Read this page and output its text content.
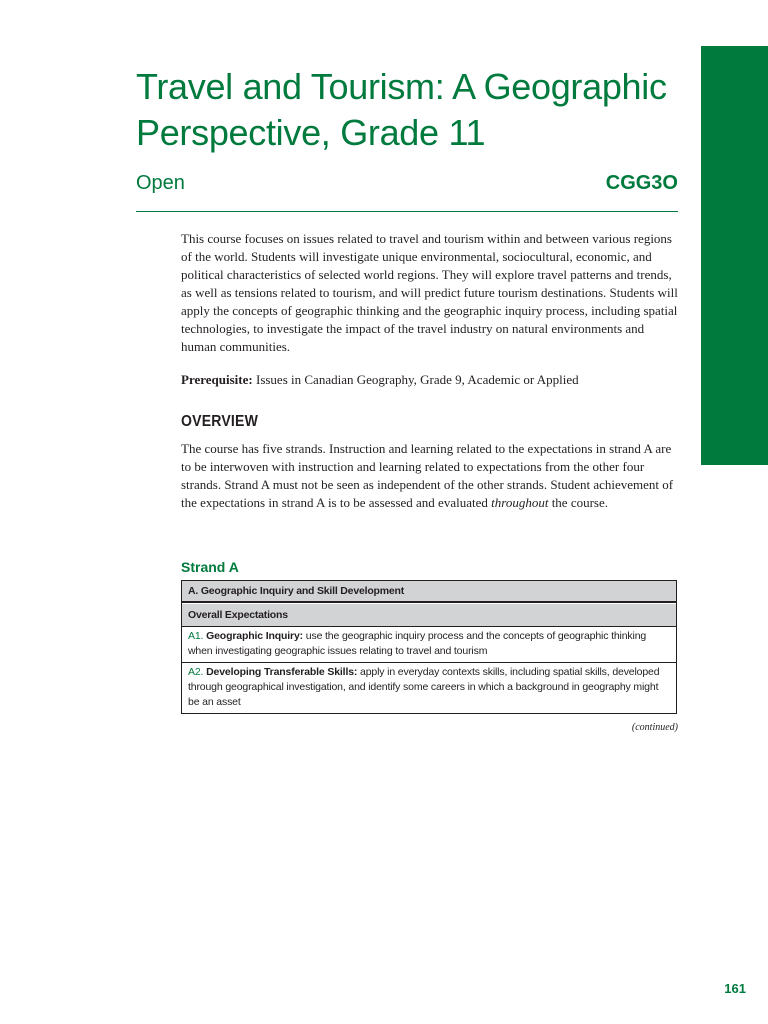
Travel and Tourism: A Geographic
Perspective, Grade 11
Open	CGG3O

This course focuses on issues related to travel and tourism within and between various regions of the world. Students will investigate unique environmental, sociocultural, economic, and political characteristics of selected world regions. They will explore travel patterns and trends, as well as tensions related to tourism, and will predict future tourism destinations. Students will apply the concepts of geographic thinking and the geographic inquiry process, including spatial technologies, to investigate the impact of the travel industry on natural environments and human communities.

Prerequisite: Issues in Canadian Geography, Grade 9, Academic or Applied

OVERVIEW

The course has five strands. Instruction and learning related to the expectations in strand A are to be interwoven with instruction and learning related to expectations from the other four strands. Strand A must not be seen as independent of the other strands. Student achievement of the expectations in strand A is to be assessed and evaluated throughout the course.

Strand A
A. Geographic Inquiry and Skill Development
Overall Expectations
A1. Geographic Inquiry: use the geographic inquiry process and the concepts of geographic thinking when investigating geographic issues relating to travel and tourism
A2. Developing Transferable Skills: apply in everyday contexts skills, including spatial skills, developed through geographical investigation, and identify some careers in which a background in geography might be an asset
(continued)
161
